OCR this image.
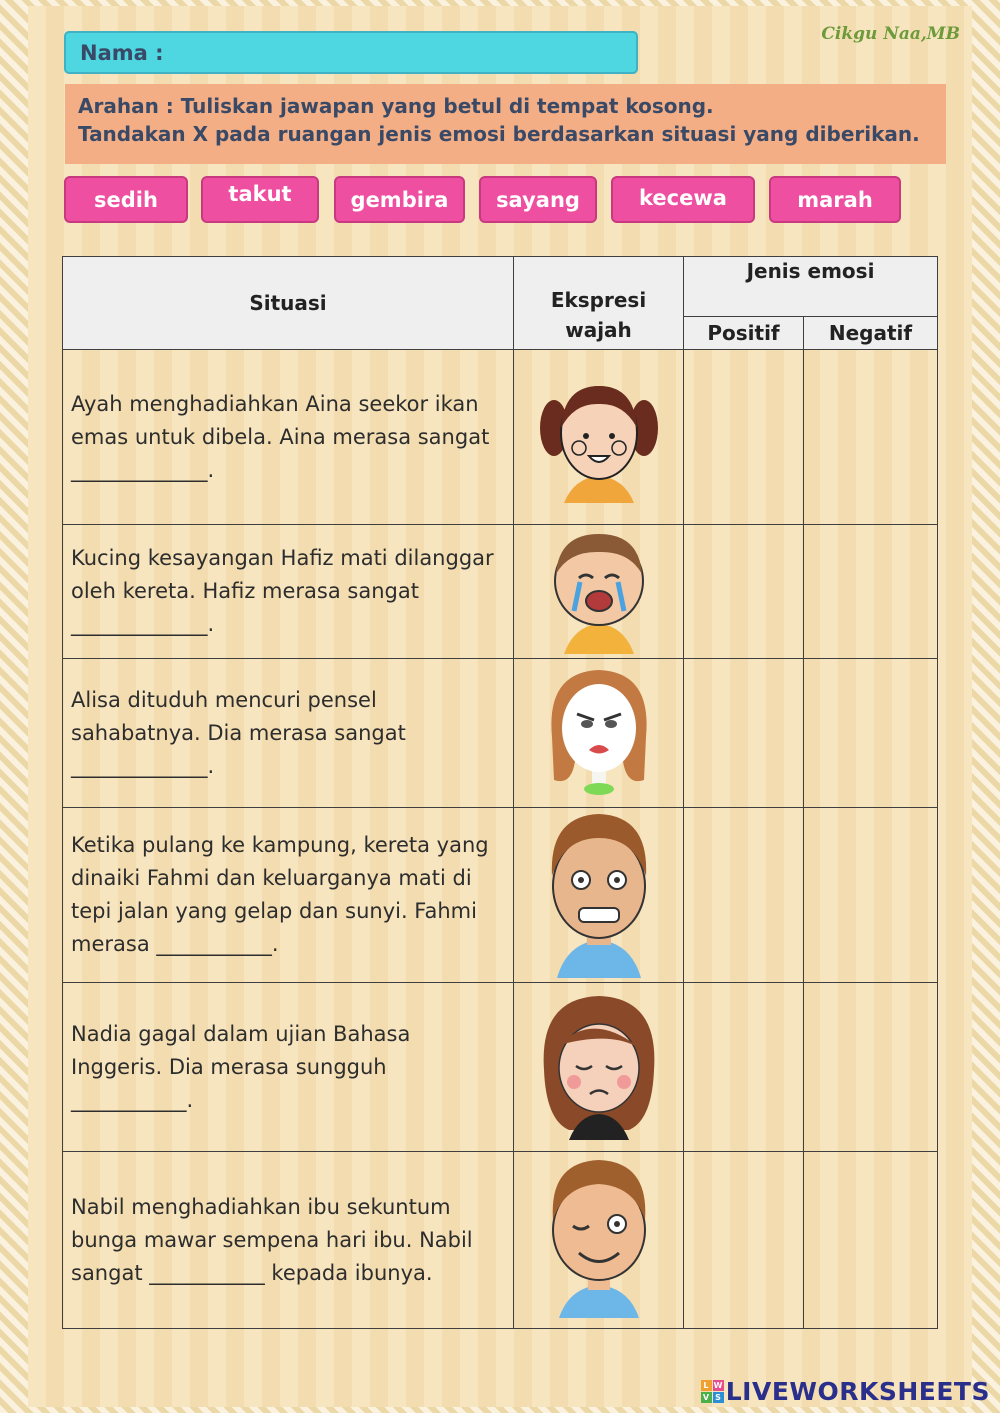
Cikgu Naa,MB
Nama :
Arahan : Tuliskan jawapan yang betul di tempat kosong.
Tandakan X pada ruangan jenis emosi berdasarkan situasi yang diberikan.
sedih	takut	gembira	sayang	kecewa	marah
Situasi	Ekspresi wajah	Jenis emosi	
		Positif	Negatif
Ayah menghadiahkan Aina seekor ikan emas untuk dibela. Aina merasa sangat _____________.			
Kucing kesayangan Hafiz mati dilanggar oleh kereta. Hafiz merasa sangat _____________.			
Alisa dituduh mencuri pensel sahabatnya. Dia merasa sangat _____________.			
Ketika pulang ke kampung, kereta yang dinaiki Fahmi dan keluarganya mati di tepi jalan yang gelap dan sunyi. Fahmi merasa ___________.			
Nadia gagal dalam ujian Bahasa Inggeris. Dia merasa sungguh ___________.			
Nabil menghadiahkan ibu sekuntum bunga mawar sempena hari ibu. Nabil sangat ___________ kepada ibunya.			
L W
V S LIVEWORKSHEETS
